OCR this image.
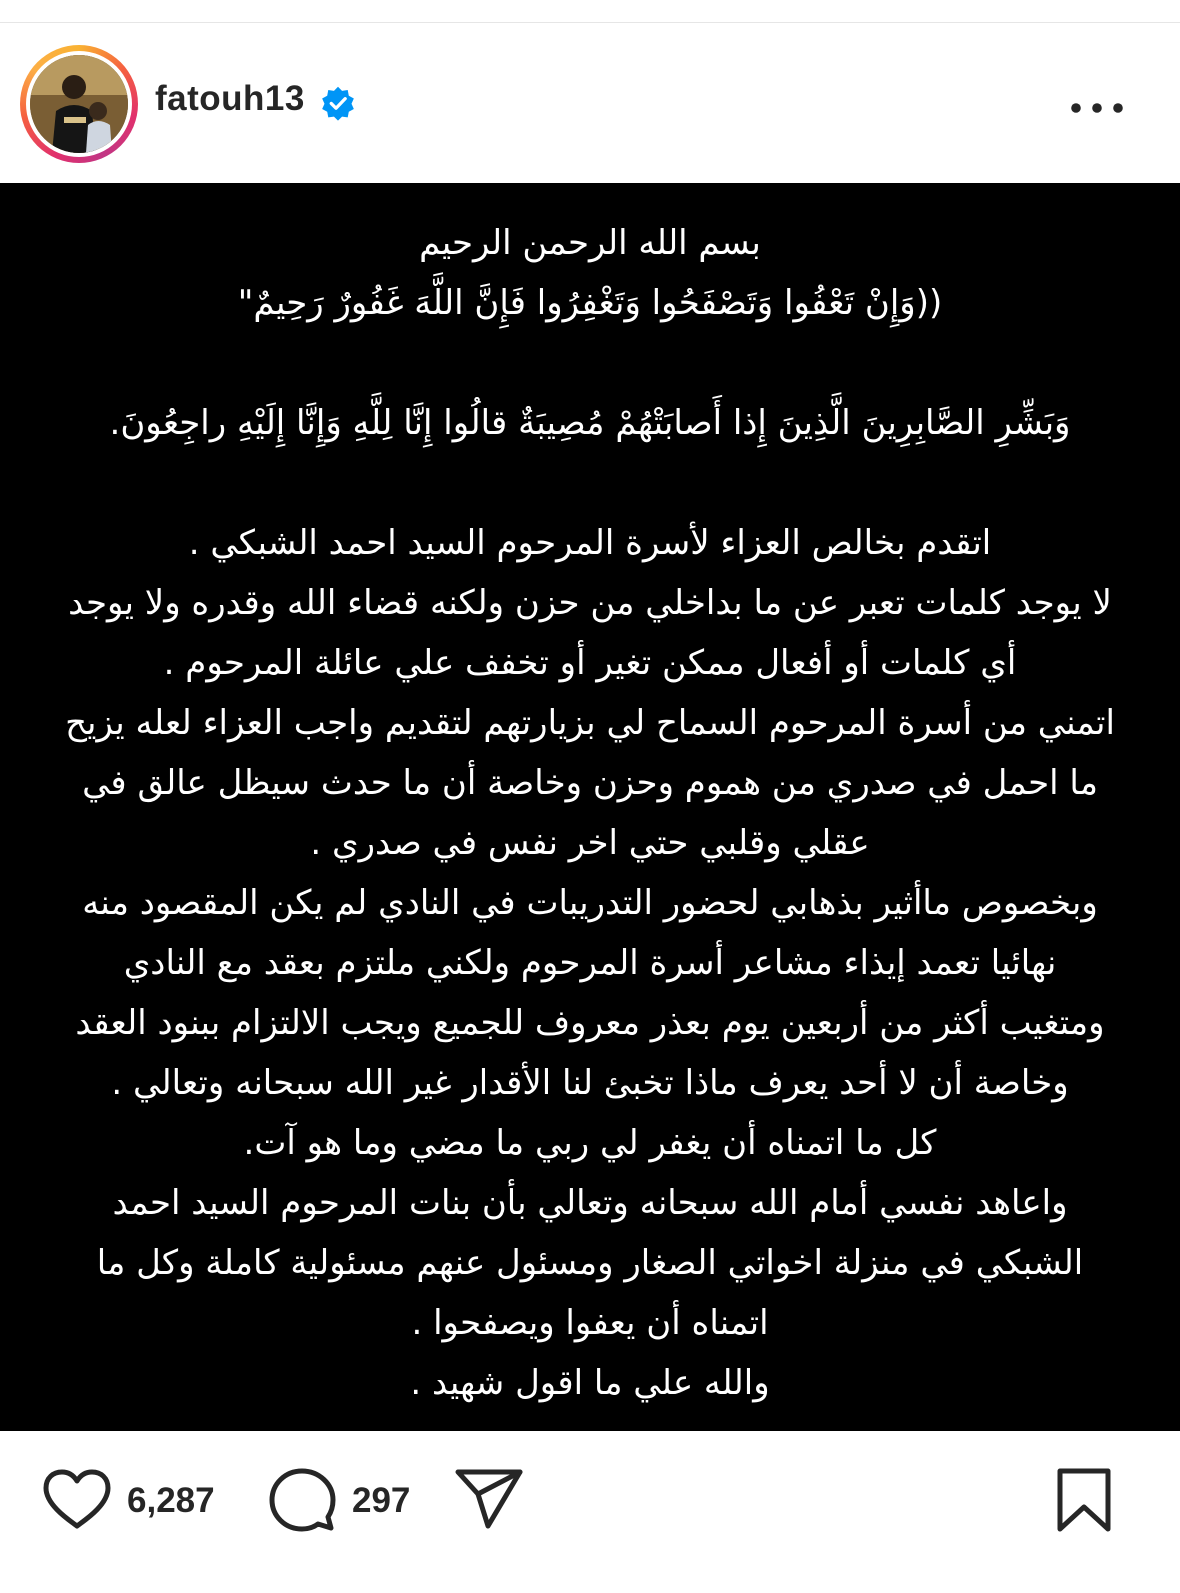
fatouh13
بسم الله الرحمن الرحيم
((وَإِنْ تَعْفُوا وَتَصْفَحُوا وَتَغْفِرُوا فَإِنَّ اللَّهَ غَفُورٌ رَحِيمٌ"
وَبَشِّرِ الصَّابِرِينَ الَّذِينَ إِذا أَصابَتْهُمْ مُصِيبَةٌ قالُوا إِنَّا لِلَّهِ وَإِنَّا إِلَيْهِ راجِعُونَ.
اتقدم بخالص العزاء لأسرة المرحوم السيد احمد الشبكي .
لا يوجد كلمات تعبر عن ما بداخلي من حزن ولكنه قضاء الله وقدره ولا يوجد
أي كلمات أو أفعال ممكن تغير أو تخفف علي عائلة المرحوم .
اتمني من أسرة المرحوم السماح لي بزيارتهم لتقديم واجب العزاء لعله يزيح
ما احمل في صدري من هموم وحزن وخاصة أن ما حدث سيظل عالق في
عقلي وقلبي حتي اخر نفس في صدري .
وبخصوص ماأثير بذهابي لحضور التدريبات في النادي لم يكن المقصود منه
نهائيا تعمد إيذاء مشاعر أسرة المرحوم ولكني ملتزم بعقد مع النادي
ومتغيب أكثر من أربعين يوم بعذر معروف للجميع ويجب الالتزام ببنود العقد
وخاصة أن لا أحد يعرف ماذا تخبئ لنا الأقدار غير الله سبحانه وتعالي .
كل ما اتمناه أن يغفر لي ربي ما مضي وما هو آت.
واعاهد نفسي أمام الله سبحانه وتعالي بأن بنات المرحوم السيد احمد
الشبكي في منزلة اخواتي الصغار ومسئول عنهم مسئولية كاملة وكل ما
اتمناه أن يعفوا ويصفحوا .
والله علي ما اقول شهيد .
6,287	297
